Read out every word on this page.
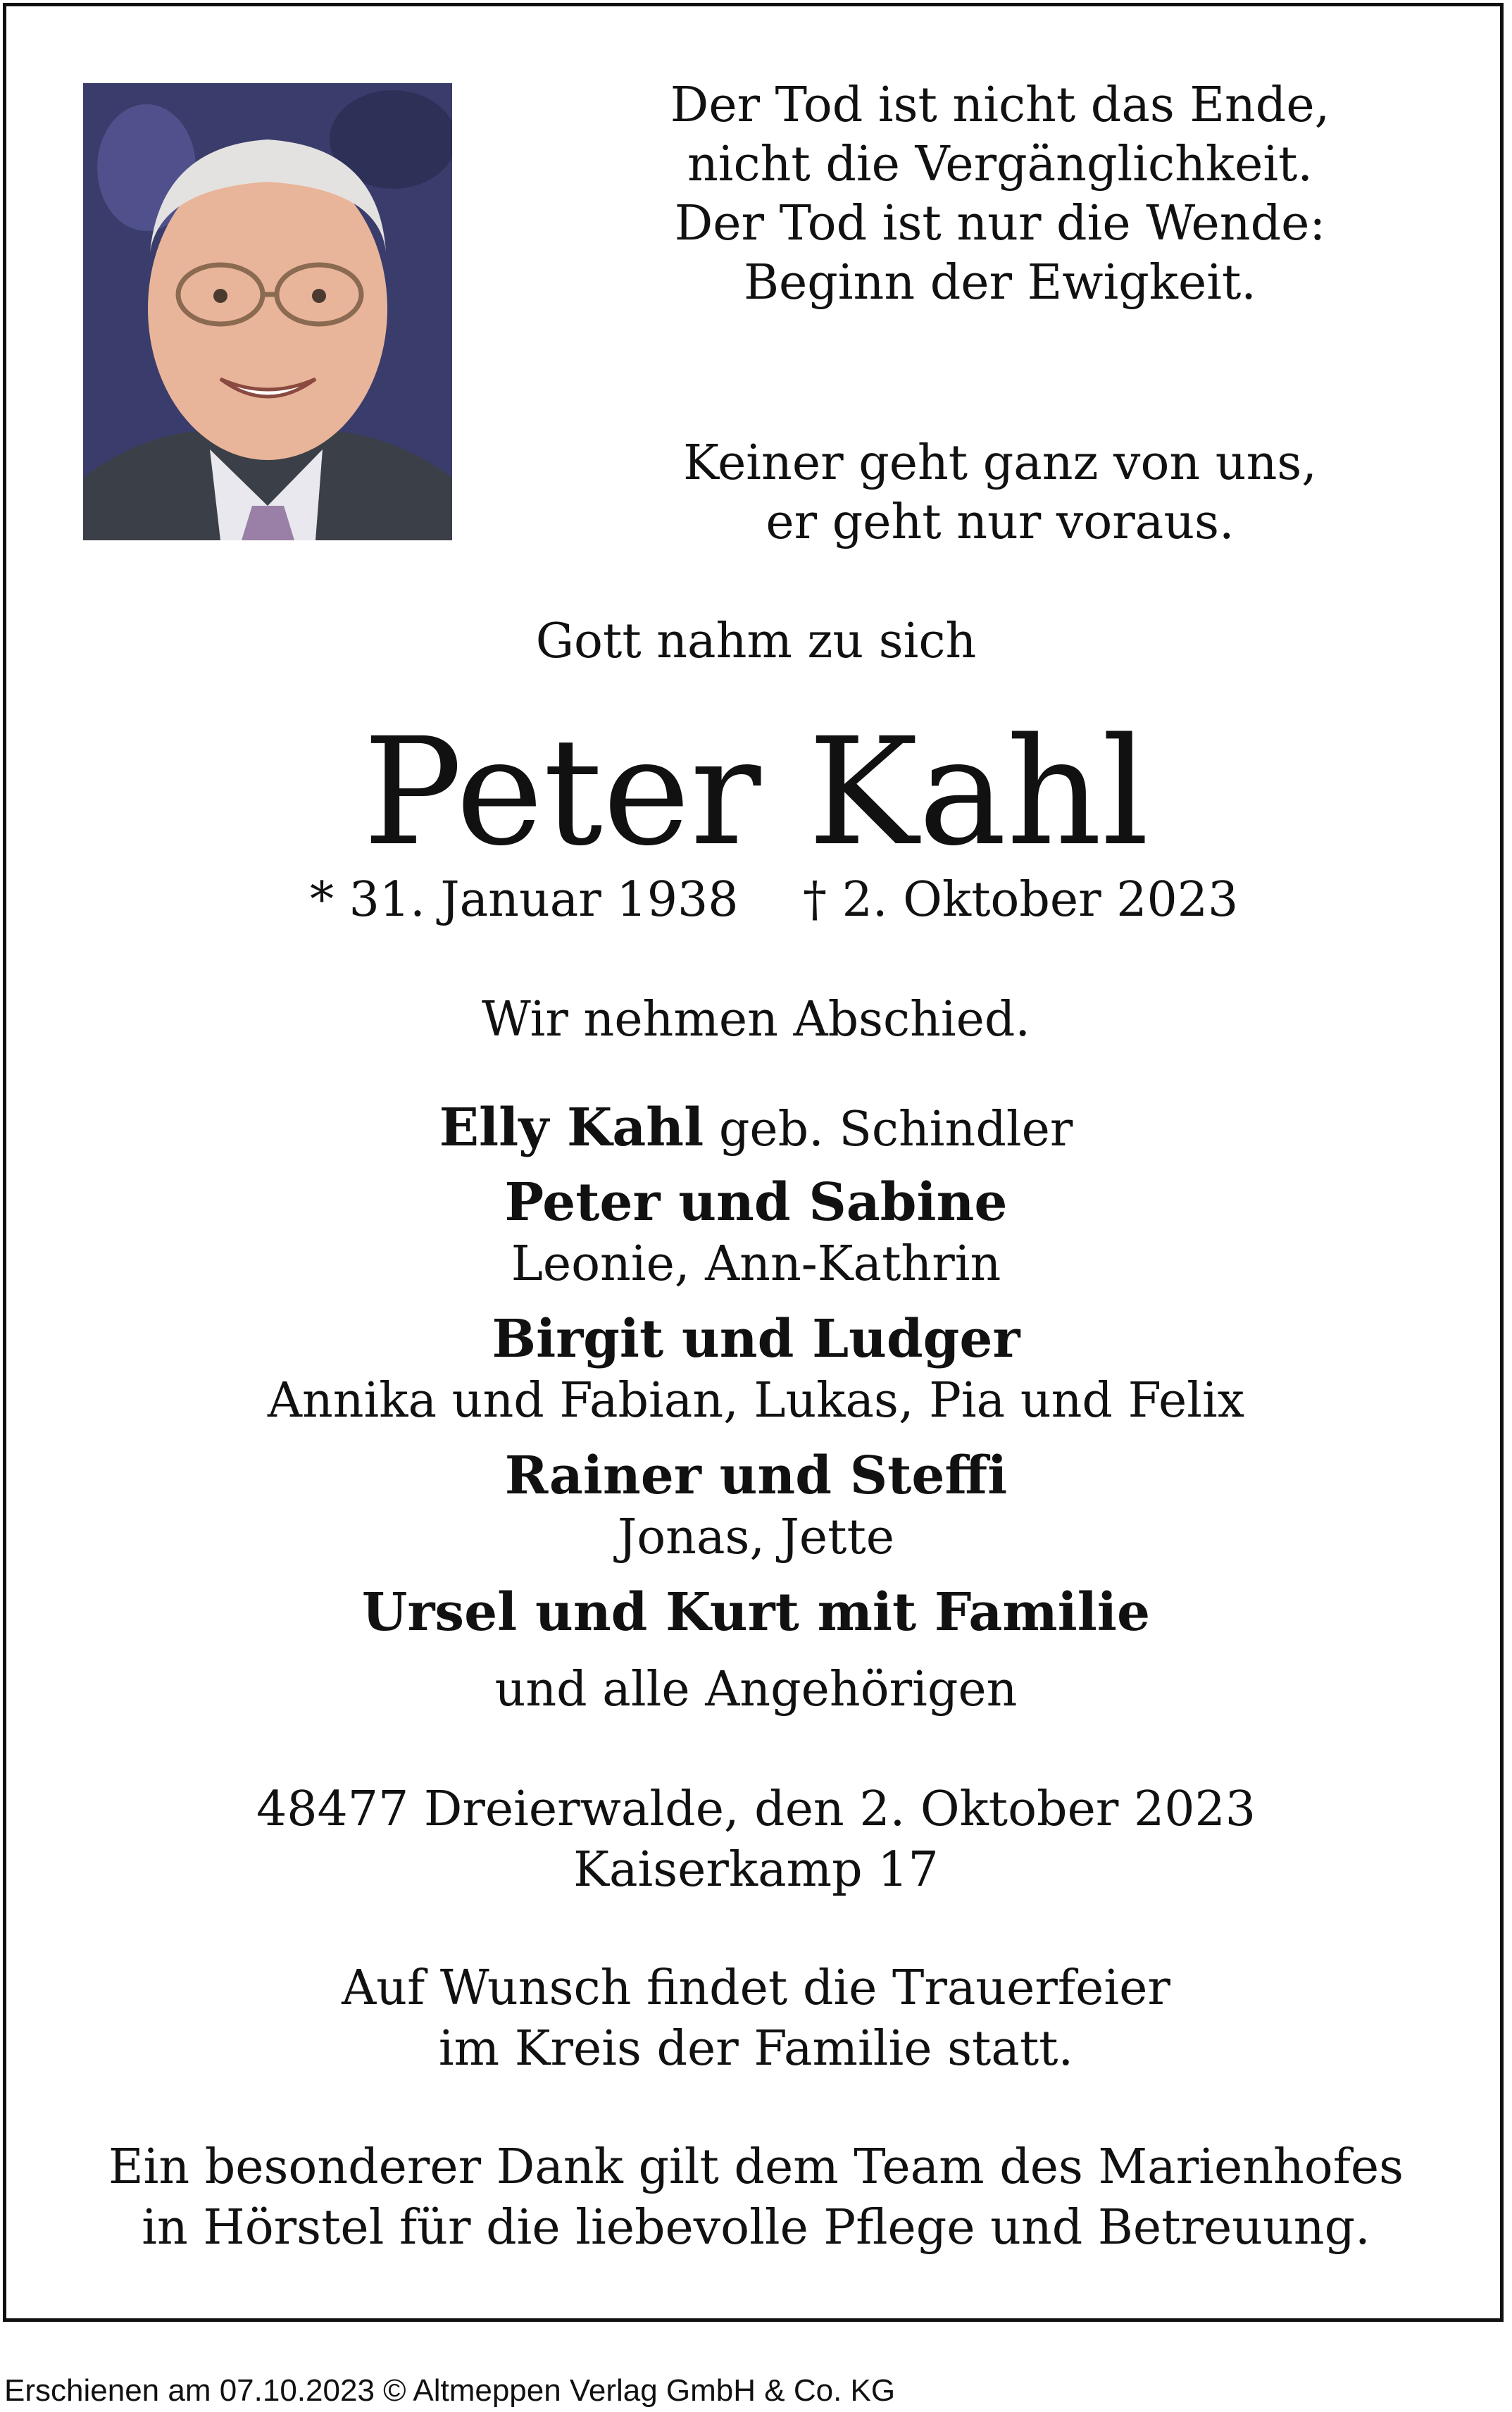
Der Tod ist nicht das Ende,
nicht die Vergänglichkeit.
Der Tod ist nur die Wende:
Beginn der Ewigkeit.
Keiner geht ganz von uns,
er geht nur voraus.
Gott nahm zu sich
Peter Kahl
* 31. Januar 1938 † 2. Oktober 2023
Wir nehmen Abschied.
Elly Kahl geb. Schindler
Peter und Sabine
Leonie, Ann-Kathrin
Birgit und Ludger
Annika und Fabian, Lukas, Pia und Felix
Rainer und Steffi
Jonas, Jette
Ursel und Kurt mit Familie
und alle Angehörigen
48477 Dreierwalde, den 2. Oktober 2023
Kaiserkamp 17
Auf Wunsch findet die Trauerfeier
im Kreis der Familie statt.
Ein besonderer Dank gilt dem Team des Marienhofes
in Hörstel für die liebevolle Pflege und Betreuung.
Erschienen am 07.10.2023 © Altmeppen Verlag GmbH & Co. KG
